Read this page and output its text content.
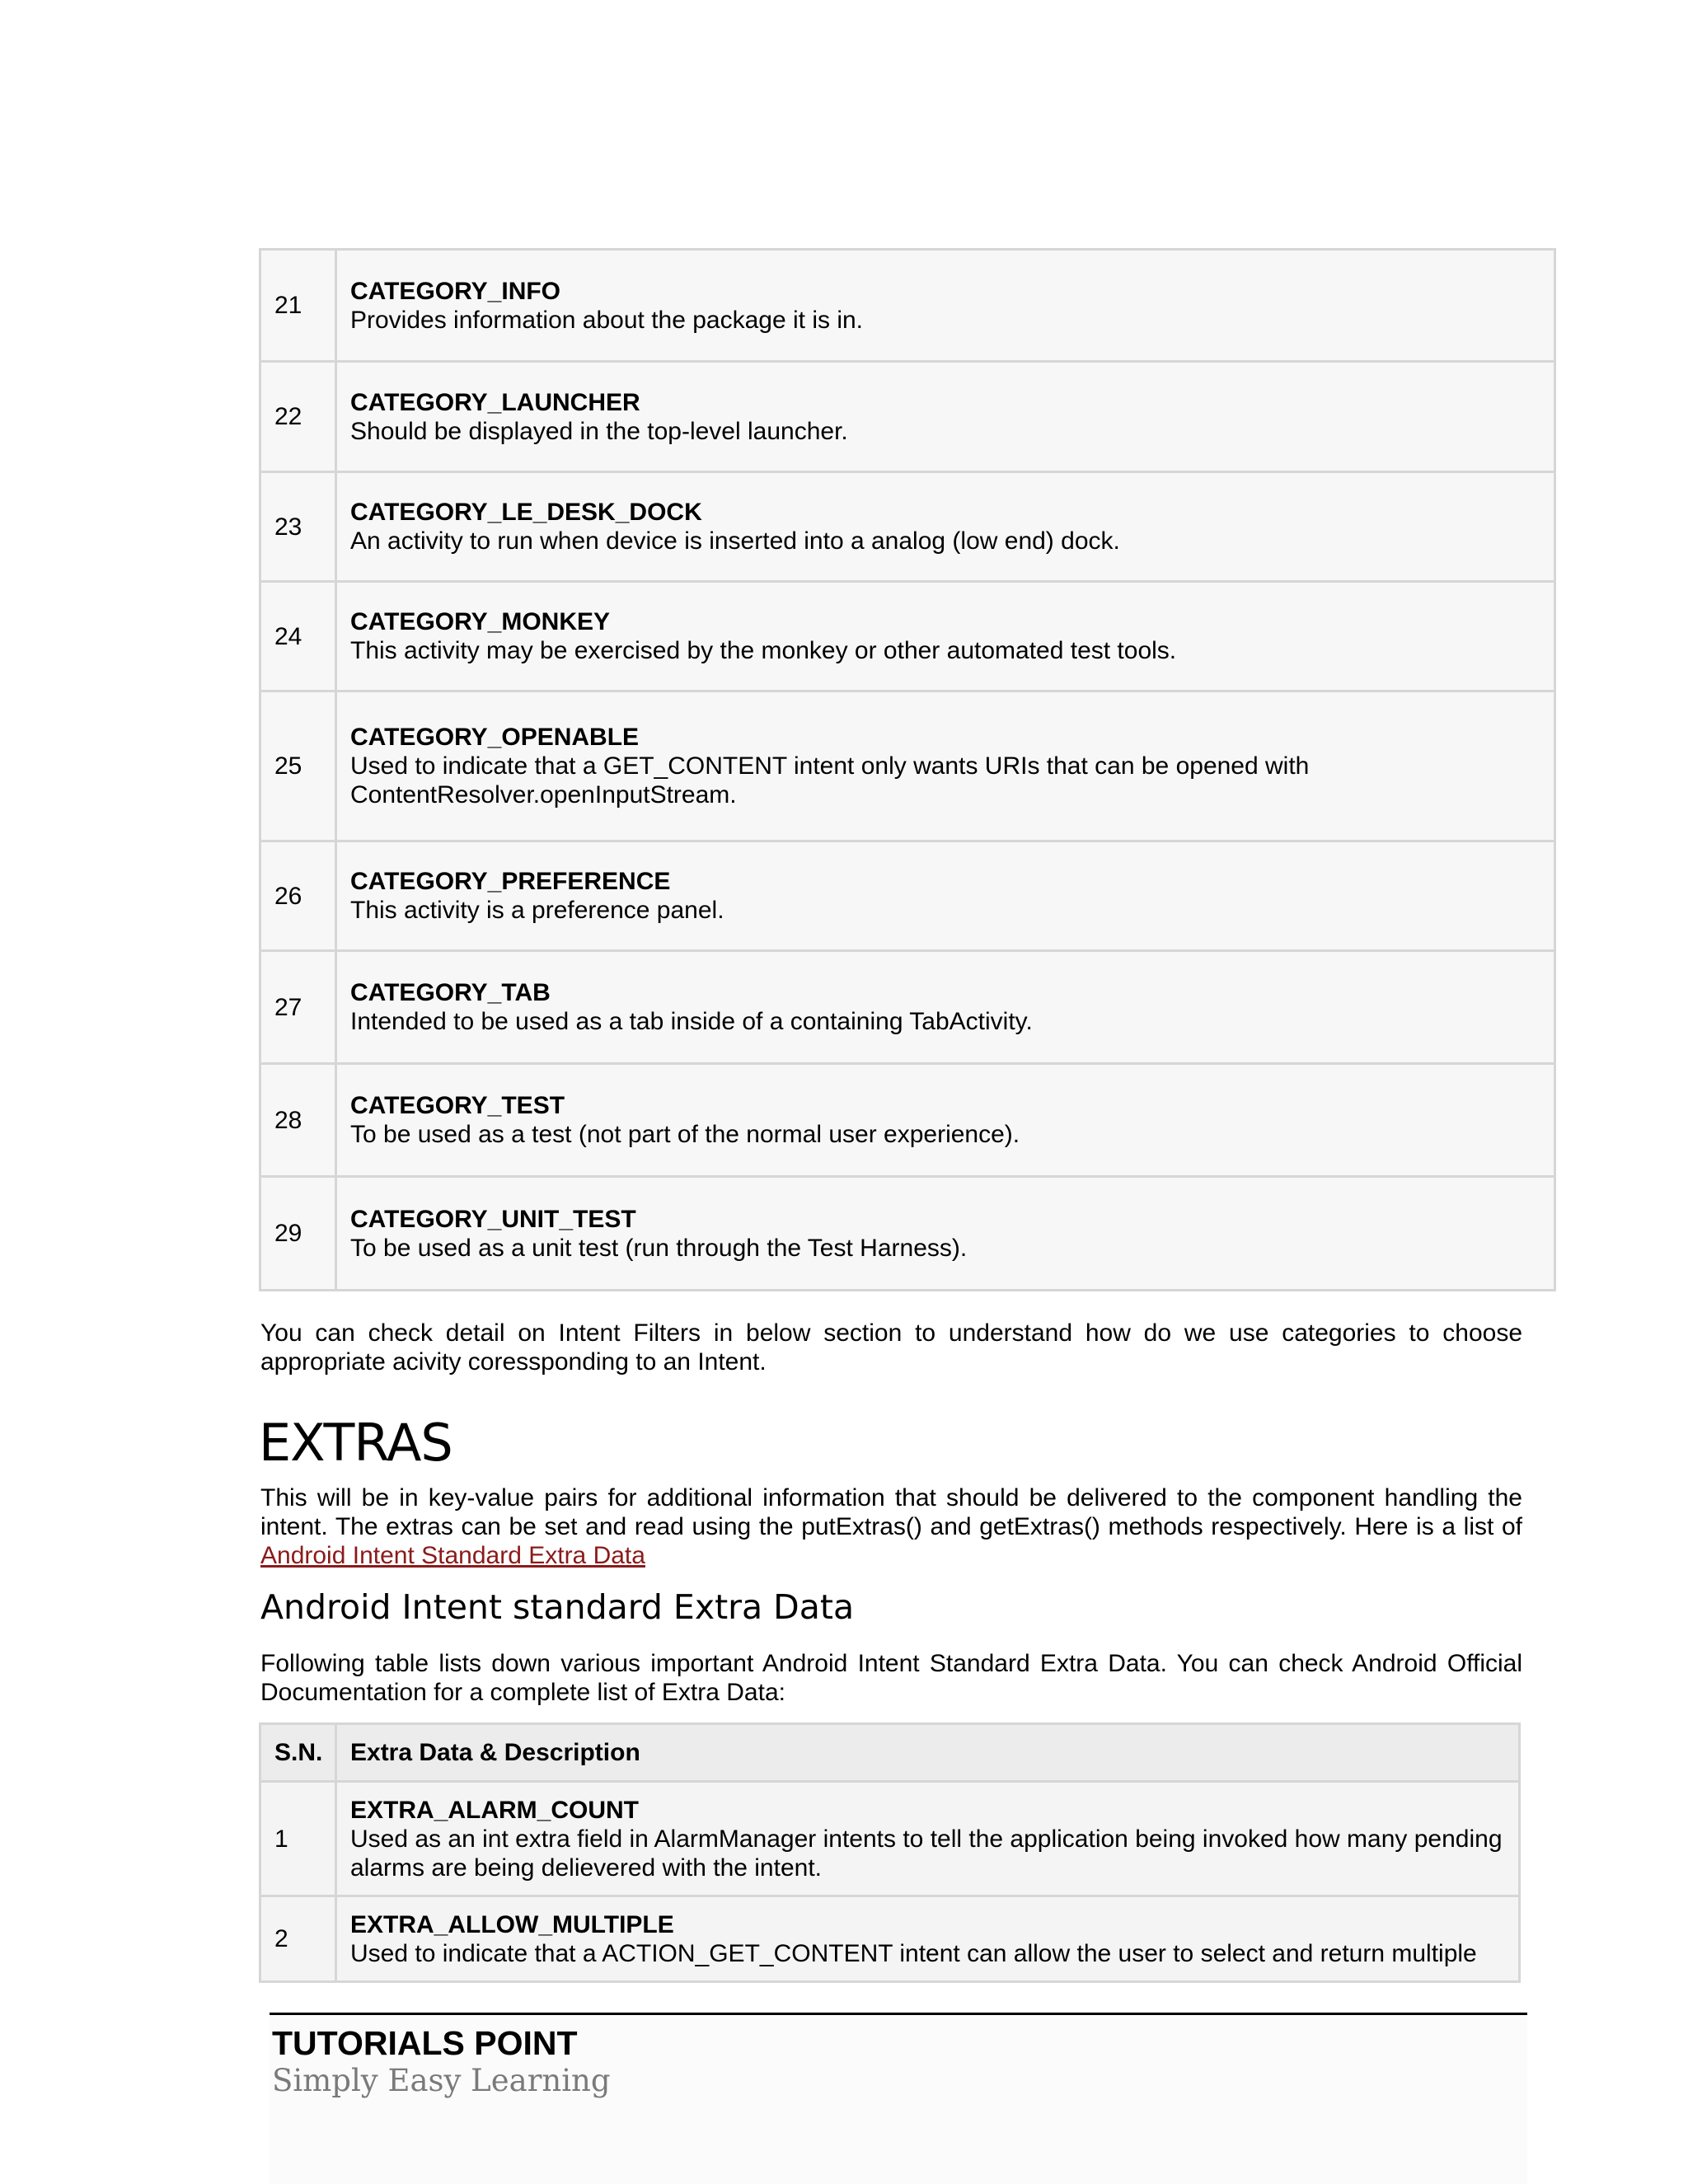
21	CATEGORY_INFO
Provides information about the package it is in.

22	CATEGORY_LAUNCHER
Should be displayed in the top-level launcher.

23	CATEGORY_LE_DESK_DOCK
An activity to run when device is inserted into a analog (low end) dock.

24	CATEGORY_MONKEY
This activity may be exercised by the monkey or other automated test tools.

25	CATEGORY_OPENABLE
Used to indicate that a GET_CONTENT intent only wants URIs that can be opened with ContentResolver.openInputStream.

26	CATEGORY_PREFERENCE
This activity is a preference panel.

27	CATEGORY_TAB
Intended to be used as a tab inside of a containing TabActivity.

28	CATEGORY_TEST
To be used as a test (not part of the normal user experience).

29	CATEGORY_UNIT_TEST
To be used as a unit test (run through the Test Harness).

You can check detail on Intent Filters in below section to understand how do we use categories to choose appropriate acivity coressponding to an Intent.

EXTRAS

This will be in key-value pairs for additional information that should be delivered to the component handling the intent. The extras can be set and read using the putExtras() and getExtras() methods respectively. Here is a list of Android Intent Standard Extra Data

Android Intent standard Extra Data

Following table lists down various important Android Intent Standard Extra Data. You can check Android Official Documentation for a complete list of Extra Data:

S.N.	Extra Data & Description
1	EXTRA_ALARM_COUNT
Used as an int extra field in AlarmManager intents to tell the application being invoked how many pending alarms are being delievered with the intent.

2	EXTRA_ALLOW_MULTIPLE
Used to indicate that a ACTION_GET_CONTENT intent can allow the user to select and return multiple
TUTORIALS POINT
Simply Easy Learning
